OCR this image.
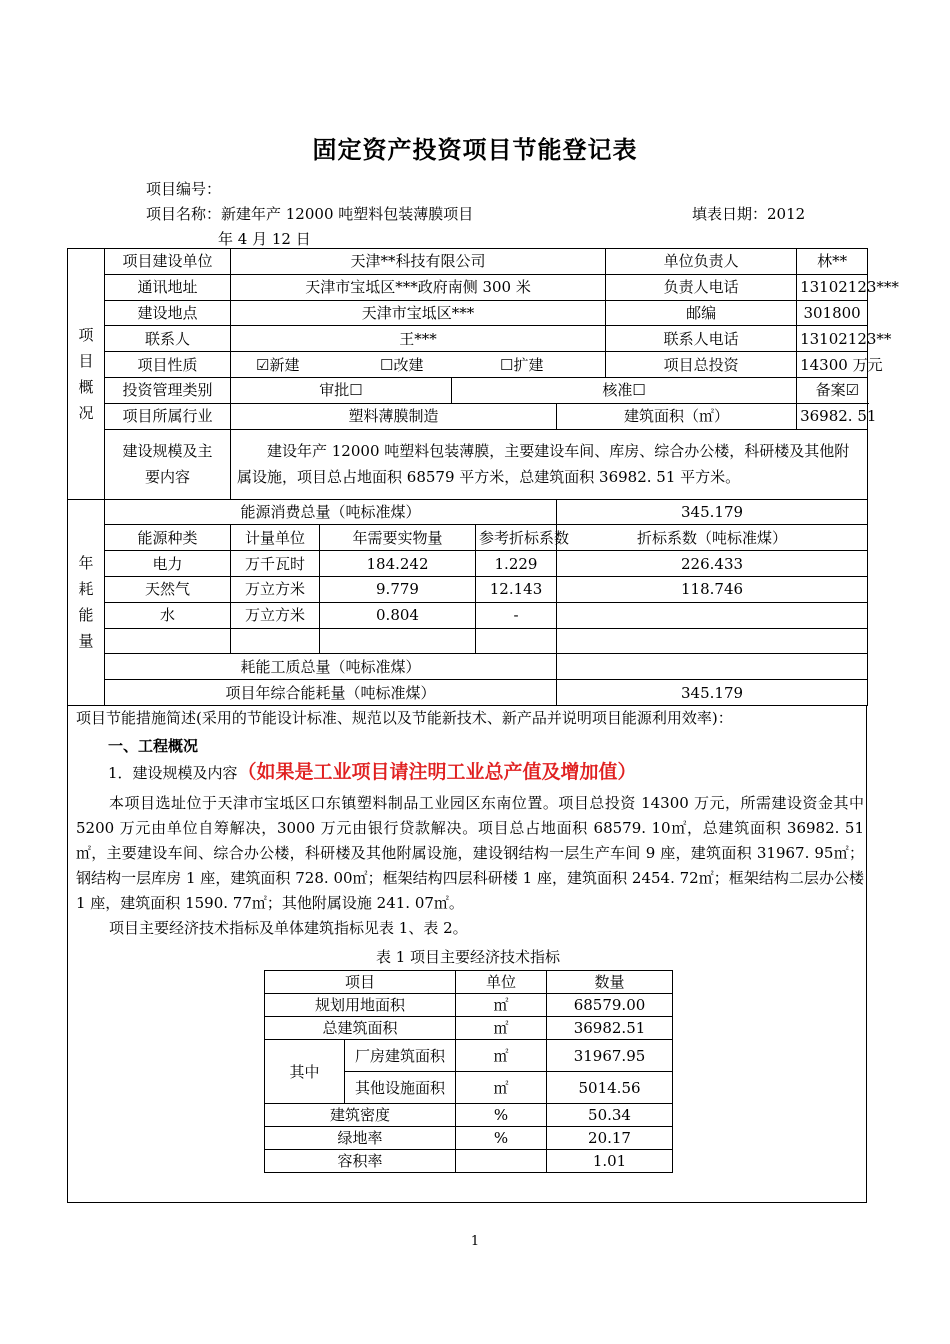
固定资产投资项目节能登记表
项目编号：
项目名称：新建年产 12000 吨塑料包装薄膜项目	填表日期：2012
年 4 月 12 日
项目概况	项目建设单位	天津**科技有限公司					单位负责人	林**
	通讯地址	天津市宝坻区***政府南侧 300 米					负责人电话	13102123***
	建设地点	天津市宝坻区***					邮编	301800
	联系人	王***					联系人电话	13102123**
	项目性质	☑新建 ☐改建 ☐扩建					项目总投资	14300 万元
	投资管理类别	审批☐		核准☐				备案☑
	项目所属行业	塑料薄膜制造				建筑面积（㎡）		36982. 51
	建设规模及主要内容	建设年产 12000 吨塑料包装薄膜，主要建设车间、库房、综合办公楼，科研楼及其他附属设施，项目总占地面积 68579 平方米，总建筑面积 36982. 51 平方米。						

年耗能量	能源消费总量（吨标准煤）					345.179		
	能源种类	计量单位	年需要实物量		参考折标系数	折标系数（吨标准煤）		
	电力	万千瓦时	184.242		1.229	226.433		
	天然气	万立方米	9.779		12.143	118.746		
	水	万立方米	0.804		-			

	耗能工质总量（吨标准煤）							
	项目年综合能耗量（吨标准煤）					345.179		

项目节能措施简述(采用的节能设计标准、规范以及节能新技术、新产品并说明项目能源利用效率)：

一、工程概况

1．建设规模及内容（如果是工业项目请注明工业总产值及增加值）

本项目选址位于天津市宝坻区口东镇塑料制品工业园区东南位置。项目总投资 14300 万元，所需建设资金其中 5200 万元由单位自筹解决，3000 万元由银行贷款解决。项目总占地面积 68579. 10㎡，总建筑面积 36982. 51㎡，主要建设车间、综合办公楼，科研楼及其他附属设施，建设钢结构一层生产车间 9 座，建筑面积 31967. 95㎡；钢结构一层库房 1 座，建筑面积 728. 00㎡；框架结构四层科研楼 1 座，建筑面积 2454. 72㎡；框架结构二层办公楼 1 座，建筑面积 1590. 77㎡；其他附属设施 241. 07㎡。

项目主要经济技术指标及单体建筑指标见表 1、表 2。

表 1 项目主要经济技术指标
项目		单位	数量
规划用地面积		㎡	68579.00
总建筑面积		㎡	36982.51
其中	厂房建筑面积	㎡	31967.95
	其他设施面积	㎡	5014.56
建筑密度		%	50.34
绿地率		%	20.17
容积率			1.01
1
